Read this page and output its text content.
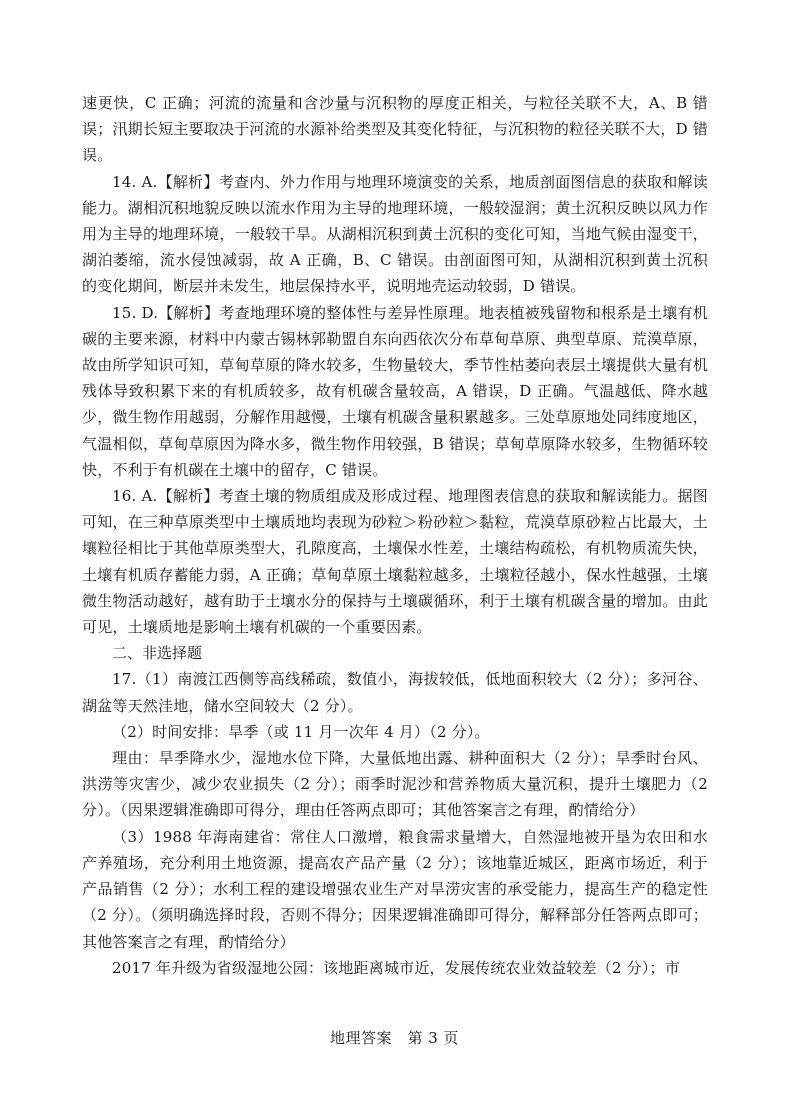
速更快，C 正确；河流的流量和含沙量与沉积物的厚度正相关，与粒径关联不大，A、B 错误；汛期长短主要取决于河流的水源补给类型及其变化特征，与沉积物的粒径关联不大，D 错误。

14. A.【解析】考查内、外力作用与地理环境演变的关系，地质剖面图信息的获取和解读能力。湖相沉积地貌反映以流水作用为主导的地理环境，一般较湿润；黄土沉积反映以风力作用为主导的地理环境，一般较干旱。从湖相沉积到黄土沉积的变化可知，当地气候由湿变干，湖泊萎缩，流水侵蚀减弱，故 A 正确，B、C 错误。由剖面图可知，从湖相沉积到黄土沉积的变化期间，断层并未发生，地层保持水平，说明地壳运动较弱，D 错误。

15. D.【解析】考查地理环境的整体性与差异性原理。地表植被残留物和根系是土壤有机碳的主要来源，材料中内蒙古锡林郭勒盟自东向西依次分布草甸草原、典型草原、荒漠草原，故由所学知识可知，草甸草原的降水较多，生物量较大，季节性枯萎向表层土壤提供大量有机残体导致积累下来的有机质较多，故有机碳含量较高，A 错误，D 正确。气温越低、降水越少，微生物作用越弱，分解作用越慢，土壤有机碳含量积累越多。三处草原地处同纬度地区，气温相似，草甸草原因为降水多，微生物作用较强，B 错误；草甸草原降水较多，生物循环较快，不利于有机碳在土壤中的留存，C 错误。

16. A.【解析】考查土壤的物质组成及形成过程、地理图表信息的获取和解读能力。据图可知，在三种草原类型中土壤质地均表现为砂粒＞粉砂粒＞黏粒，荒漠草原砂粒占比最大，土壤粒径相比于其他草原类型大，孔隙度高，土壤保水性差，土壤结构疏松，有机物质流失快，土壤有机质存蓄能力弱，A 正确；草甸草原土壤黏粒越多，土壤粒径越小，保水性越强，土壤微生物活动越好，越有助于土壤水分的保持与土壤碳循环，利于土壤有机碳含量的增加。由此可见，土壤质地是影响土壤有机碳的一个重要因素。

二、非选择题

17.（1）南渡江西侧等高线稀疏，数值小，海拔较低，低地面积较大（2 分）；多河谷、湖盆等天然洼地，储水空间较大（2 分）。

（2）时间安排：旱季（或 11 月一次年 4 月）（2 分）。

理由：旱季降水少，湿地水位下降，大量低地出露、耕种面积大（2 分）；旱季时台风、洪涝等灾害少，减少农业损失（2 分）；雨季时泥沙和营养物质大量沉积，提升土壤肥力（2 分）。（因果逻辑准确即可得分，理由任答两点即可；其他答案言之有理，酌情给分）

（3）1988 年海南建省：常住人口激增，粮食需求量增大，自然湿地被开垦为农田和水产养殖场，充分利用土地资源，提高农产品产量（2 分）；该地靠近城区，距离市场近，利于产品销售（2 分）；水利工程的建设增强农业生产对旱涝灾害的承受能力，提高生产的稳定性（2 分）。（须明确选择时段，否则不得分；因果逻辑准确即可得分，解释部分任答两点即可；其他答案言之有理，酌情给分）

2017 年升级为省级湿地公园：该地距离城市近，发展传统农业效益较差（2 分）；市

地理答案　第 3 页
